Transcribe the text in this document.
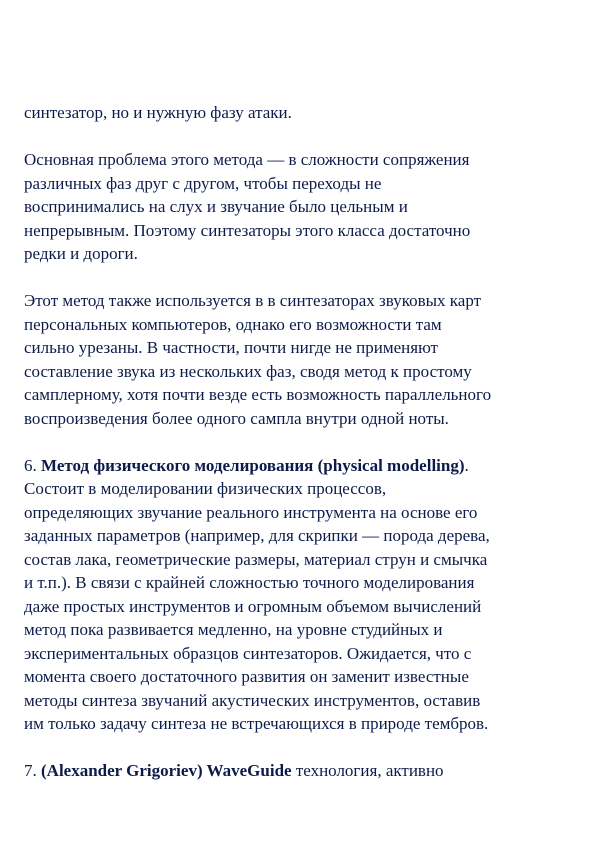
синтезатор, но и нужную фазу атаки.

Основная проблема этого метода — в сложности сопряжения
различных фаз друг с другом, чтобы переходы не
воспринимались на слух и звучание было цельным и
непрерывным. Поэтому синтезаторы этого класса достаточно
редки и дороги.

Этот метод также используется в в синтезаторах звуковых карт
персональных компьютеров, однако его возможности там
сильно урезаны. В частности, почти нигде не применяют
составление звука из нескольких фаз, сводя метод к простому
самплерному, хотя почти везде есть возможность параллельного
воспроизведения более одного сампла внутри одной ноты.

6. Метод физического моделирования (physical modelling).
Состоит в моделировании физических процессов,
определяющих звучание реального инструмента на основе его
заданных параметров (например, для скрипки — порода дерева,
состав лака, геометрические размеры, материал струн и смычка
и т.п.). В связи с крайней сложностью точного моделирования
даже простых инструментов и огромным объемом вычислений
метод пока развивается медленно, на уровне студийных и
экспериментальных образцов синтезаторов. Ожидается, что с
момента своего достаточного развития он заменит известные
методы синтеза звучаний акустических инструментов, оставив
им только задачу синтеза не встречающихся в природе тембров.

7. (Alexander Grigoriev) WaveGuide технология, активно
